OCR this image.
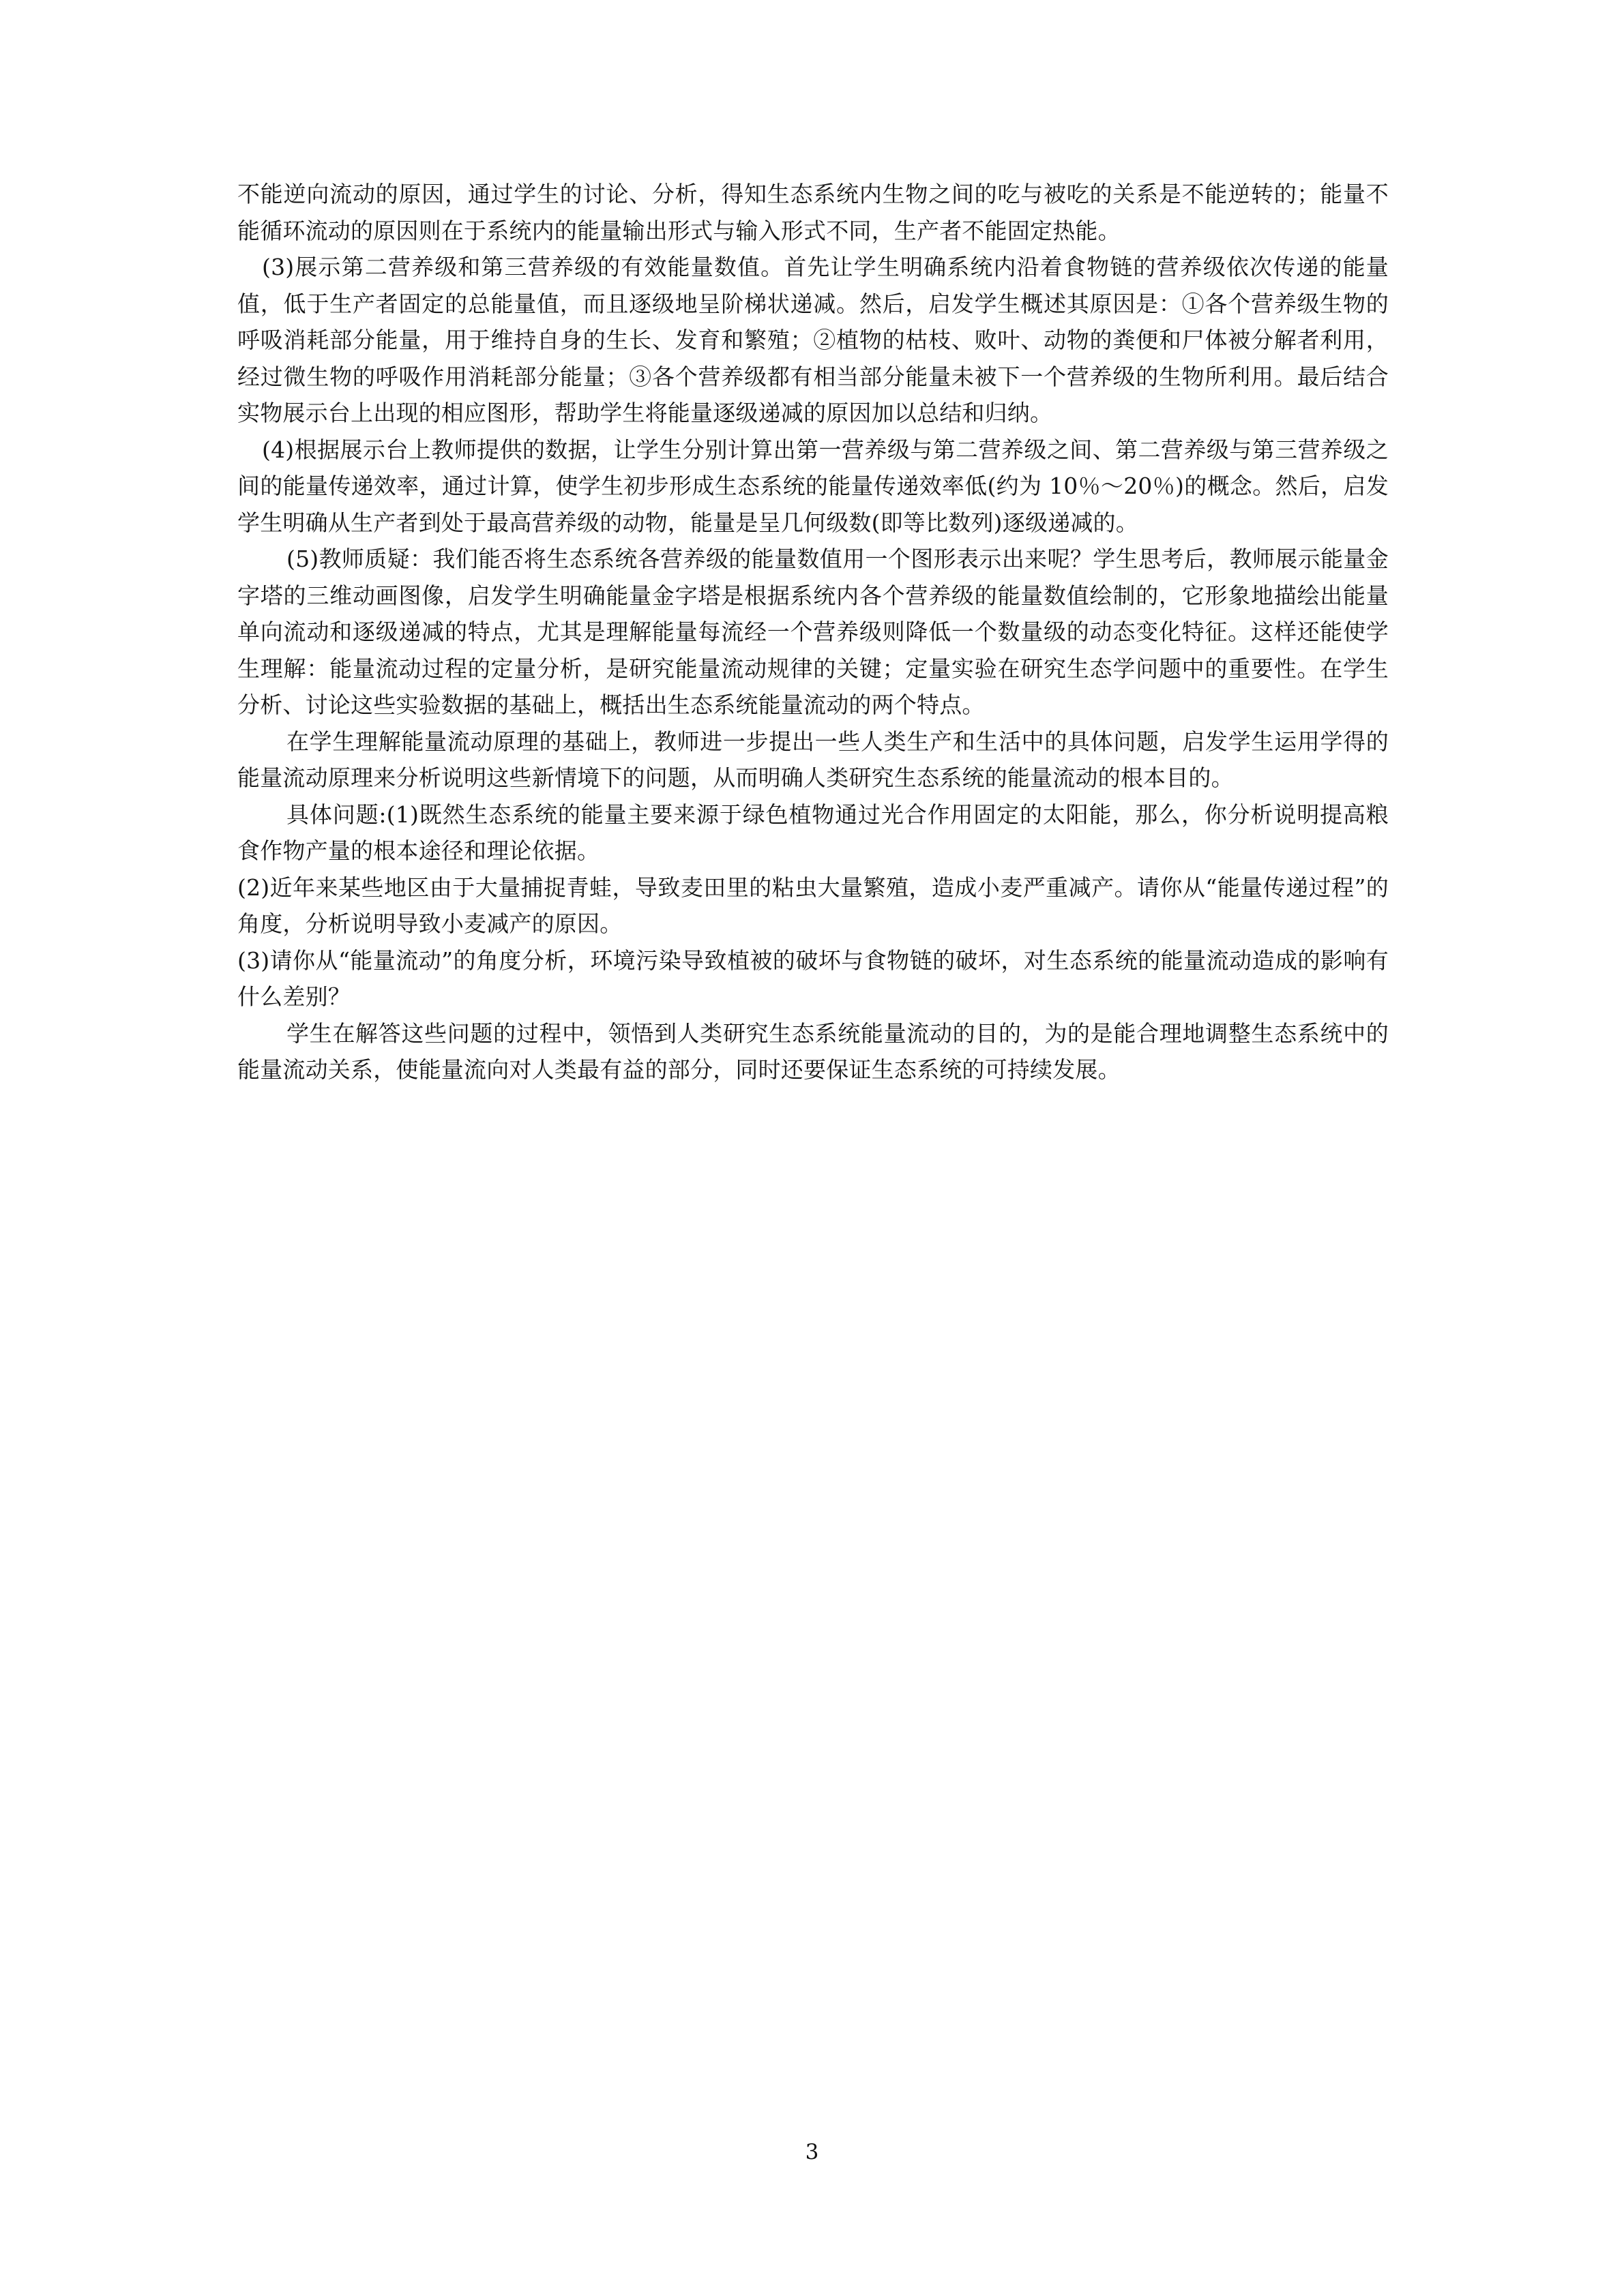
不能逆向流动的原因，通过学生的讨论、分析，得知生态系统内生物之间的吃与被吃的关系是不能逆转的；能量不能循环流动的原因则在于系统内的能量输出形式与输入形式不同，生产者不能固定热能。

(3)展示第二营养级和第三营养级的有效能量数值。首先让学生明确系统内沿着食物链的营养级依次传递的能量值，低于生产者固定的总能量值，而且逐级地呈阶梯状递减。然后，启发学生概述其原因是：①各个营养级生物的呼吸消耗部分能量，用于维持自身的生长、发育和繁殖；②植物的枯枝、败叶、动物的粪便和尸体被分解者利用，经过微生物的呼吸作用消耗部分能量；③各个营养级都有相当部分能量未被下一个营养级的生物所利用。最后结合实物展示台上出现的相应图形，帮助学生将能量逐级递减的原因加以总结和归纳。

(4)根据展示台上教师提供的数据，让学生分别计算出第一营养级与第二营养级之间、第二营养级与第三营养级之间的能量传递效率，通过计算，使学生初步形成生态系统的能量传递效率低(约为 10％～20％)的概念。然后，启发学生明确从生产者到处于最高营养级的动物，能量是呈几何级数(即等比数列)逐级递减的。

(5)教师质疑：我们能否将生态系统各营养级的能量数值用一个图形表示出来呢？学生思考后，教师展示能量金字塔的三维动画图像，启发学生明确能量金字塔是根据系统内各个营养级的能量数值绘制的，它形象地描绘出能量单向流动和逐级递减的特点，尤其是理解能量每流经一个营养级则降低一个数量级的动态变化特征。这样还能使学生理解：能量流动过程的定量分析，是研究能量流动规律的关键；定量实验在研究生态学问题中的重要性。在学生分析、讨论这些实验数据的基础上，概括出生态系统能量流动的两个特点。

在学生理解能量流动原理的基础上，教师进一步提出一些人类生产和生活中的具体问题，启发学生运用学得的能量流动原理来分析说明这些新情境下的问题，从而明确人类研究生态系统的能量流动的根本目的。

具体问题:(1)既然生态系统的能量主要来源于绿色植物通过光合作用固定的太阳能，那么，你分析说明提高粮食作物产量的根本途径和理论依据。

(2)近年来某些地区由于大量捕捉青蛙，导致麦田里的粘虫大量繁殖，造成小麦严重减产。请你从“能量传递过程”的角度，分析说明导致小麦减产的原因。

(3)请你从“能量流动”的角度分析，环境污染导致植被的破坏与食物链的破坏，对生态系统的能量流动造成的影响有什么差别？

学生在解答这些问题的过程中，领悟到人类研究生态系统能量流动的目的，为的是能合理地调整生态系统中的能量流动关系，使能量流向对人类最有益的部分，同时还要保证生态系统的可持续发展。

3
